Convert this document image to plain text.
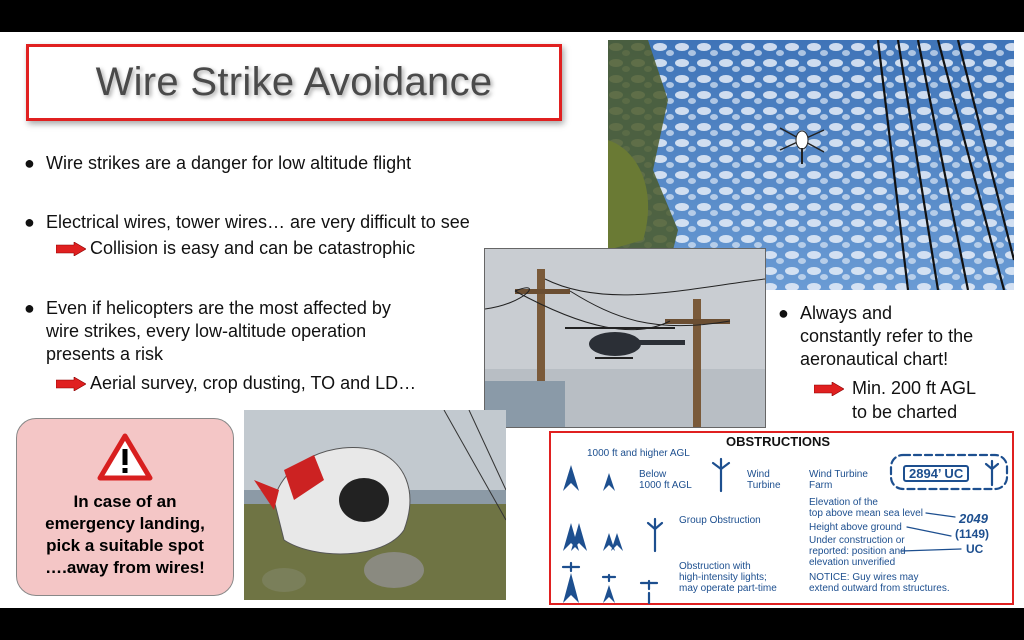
Wire Strike Avoidance
● Wire strikes are a danger for low altitude flight
● Electrical wires, tower wires… are very difficult to see
Collision is easy and can be catastrophic
● Even if helicopters are the most affected by
wire strikes, every low-altitude operation
presents a risk
Aerial survey, crop dusting, TO and LD…
In case of an
emergency landing,
pick a suitable spot
….away from wires!
● Always and
constantly refer to the
aeronautical chart!
Min. 200 ft AGL
to be charted
OBSTRUCTIONS
1000 ft and higher AGL
Below
1000 ft AGL
Wind
Turbine
Wind Turbine
Farm
Group Obstruction
Obstruction with
high-intensity lights;
may operate part-time
Elevation of the
top above mean sea level
Height above ground
Under construction or
reported: position and
elevation unverified
NOTICE: Guy wires may
extend outward from structures.
2049
(1149)
UC
2894’ UC
